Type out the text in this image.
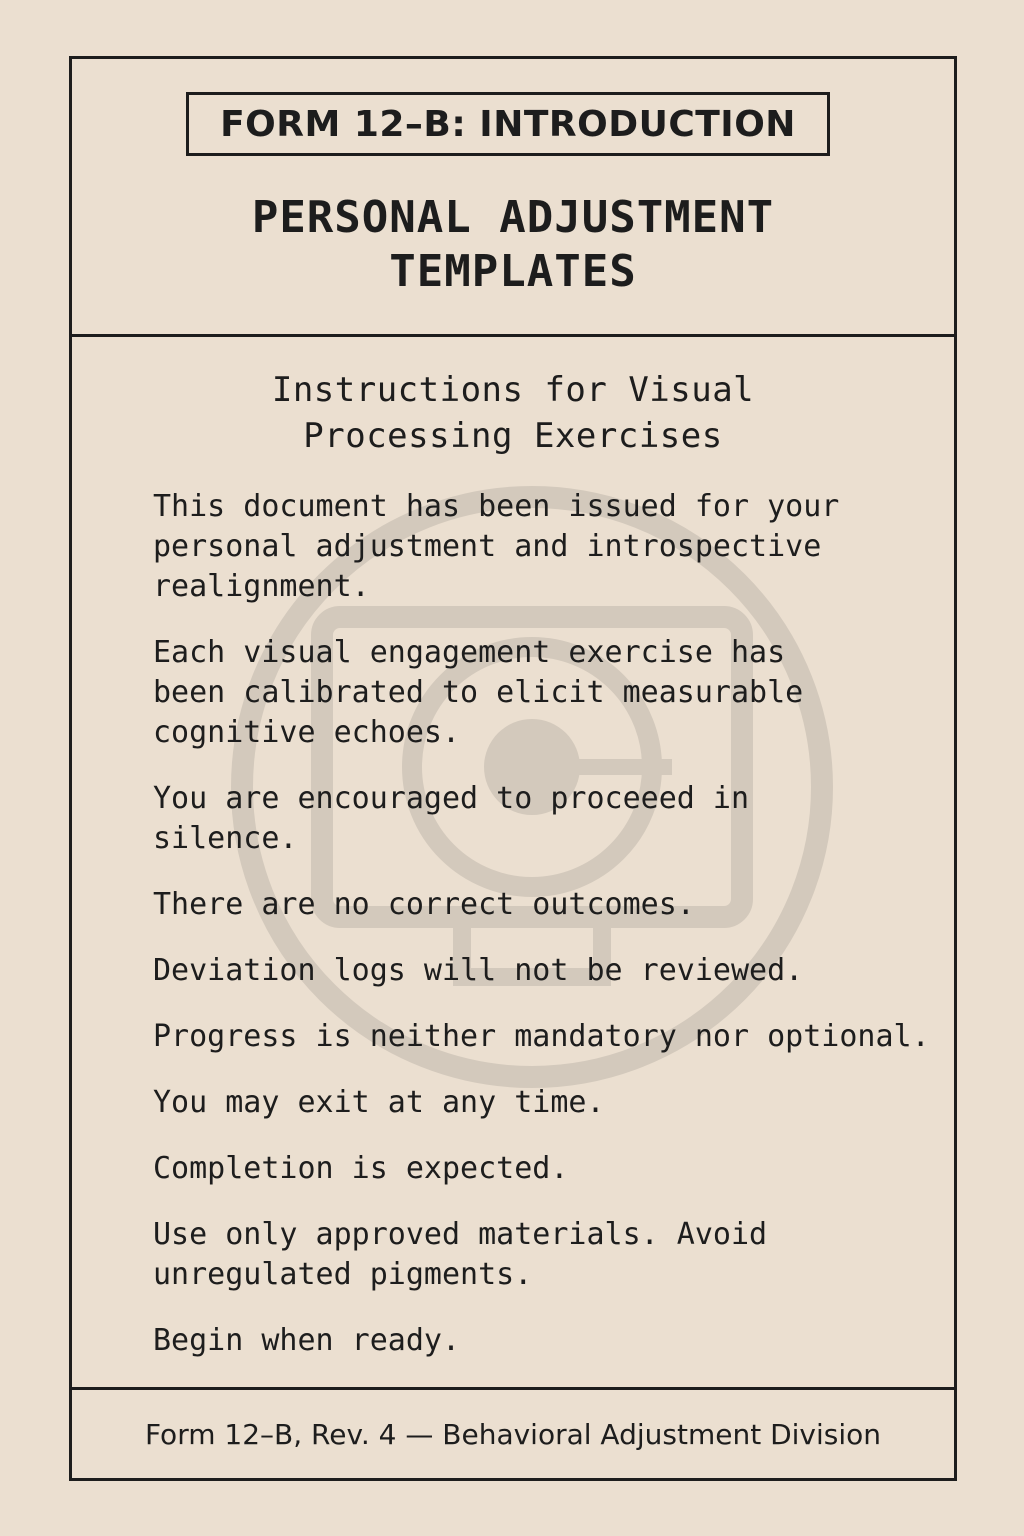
FORM 12–B: INTRODUCTION
PERSONAL ADJUSTMENT
TEMPLATES
Instructions for Visual
Processing Exercises

This document has been issued for your
personal adjustment and introspective
realignment.

Each visual engagement exercise has
been calibrated to elicit measurable
cognitive echoes.

You are encouraged to proceeed in
silence.

There are no correct outcomes.

Deviation logs will not be reviewed.

Progress is neither mandatory nor optional.

You may exit at any time.

Completion is expected.

Use only approved materials. Avoid
unregulated pigments.

Begin when ready.

Form 12–B, Rev. 4 — Behavioral Adjustment Division
